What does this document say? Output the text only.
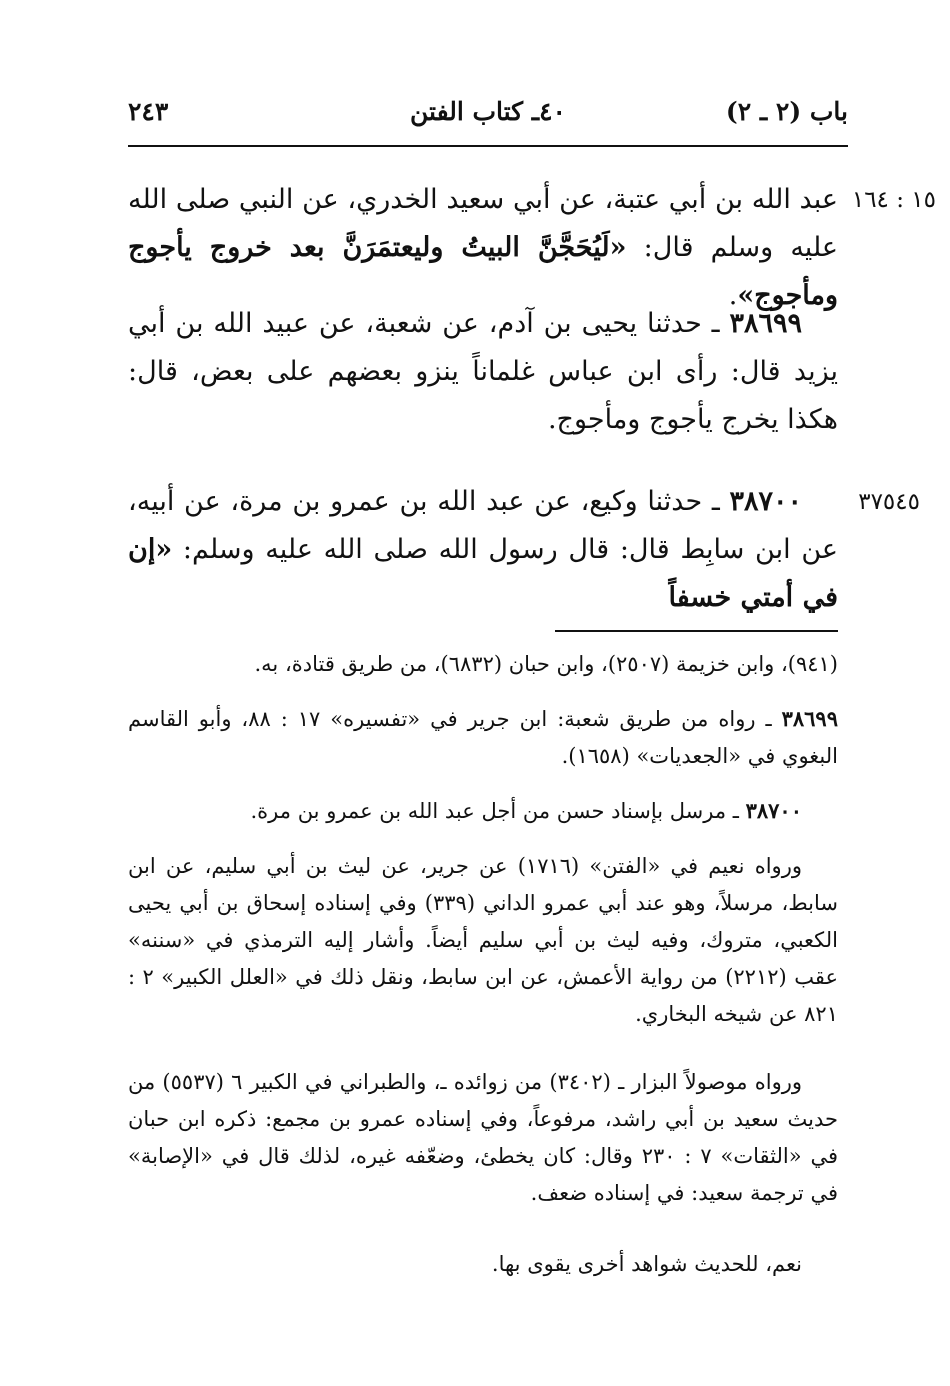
باب (٢ ـ ٢)
٤٠ـ كتاب الفتن
٢٤٣
١٥ : ١٦٤
٣٧٥٤٥
عبد الله بن أبي عتبة، عن أبي سعيد الخدري، عن النبي صلى الله عليه وسلم قال: «لَيُحَجَّنَّ البيتُ وليعتمَرَنَّ بعد خروج يأجوج ومأجوج».
٣٨٦٩٩ ـ حدثنا يحيى بن آدم، عن شعبة، عن عبيد الله بن أبي يزيد قال: رأى ابن عباس غلماناً ينزو بعضهم على بعض، قال: هكذا يخرج يأجوج ومأجوج.
٣٨٧٠٠ ـ حدثنا وكيع، عن عبد الله بن عمرو بن مرة، عن أبيه، عن ابن سابِط قال: قال رسول الله صلى الله عليه وسلم: «إن في أمتي خسفاً
(٩٤١)، وابن خزيمة (٢٥٠٧)، وابن حبان (٦٨٣٢)، من طريق قتادة، به.
٣٨٦٩٩ ـ رواه من طريق شعبة: ابن جرير في «تفسيره» ١٧ : ٨٨، وأبو القاسم البغوي في «الجعديات» (١٦٥٨).
٣٨٧٠٠ ـ مرسل بإسناد حسن من أجل عبد الله بن عمرو بن مرة.
ورواه نعيم في «الفتن» (١٧١٦) عن جرير، عن ليث بن أبي سليم، عن ابن سابط، مرسلاً، وهو عند أبي عمرو الداني (٣٣٩) وفي إسناده إسحاق بن أبي يحيى الكعبي، متروك، وفيه ليث بن أبي سليم أيضاً. وأشار إليه الترمذي في «سننه» عقب (٢٢١٢) من رواية الأعمش، عن ابن سابط، ونقل ذلك في «العلل الكبير» ٢ : ٨٢١ عن شيخه البخاري.
ورواه موصولاً البزار ـ (٣٤٠٢) من زوائده ـ، والطبراني في الكبير ٦ (٥٥٣٧) من حديث سعيد بن أبي راشد، مرفوعاً، وفي إسناده عمرو بن مجمع: ذكره ابن حبان في «الثقات» ٧ : ٢٣٠ وقال: كان يخطئ، وضعّفه غيره، لذلك قال في «الإصابة» في ترجمة سعيد: في إسناده ضعف.
نعم، للحديث شواهد أخرى يقوى بها.
